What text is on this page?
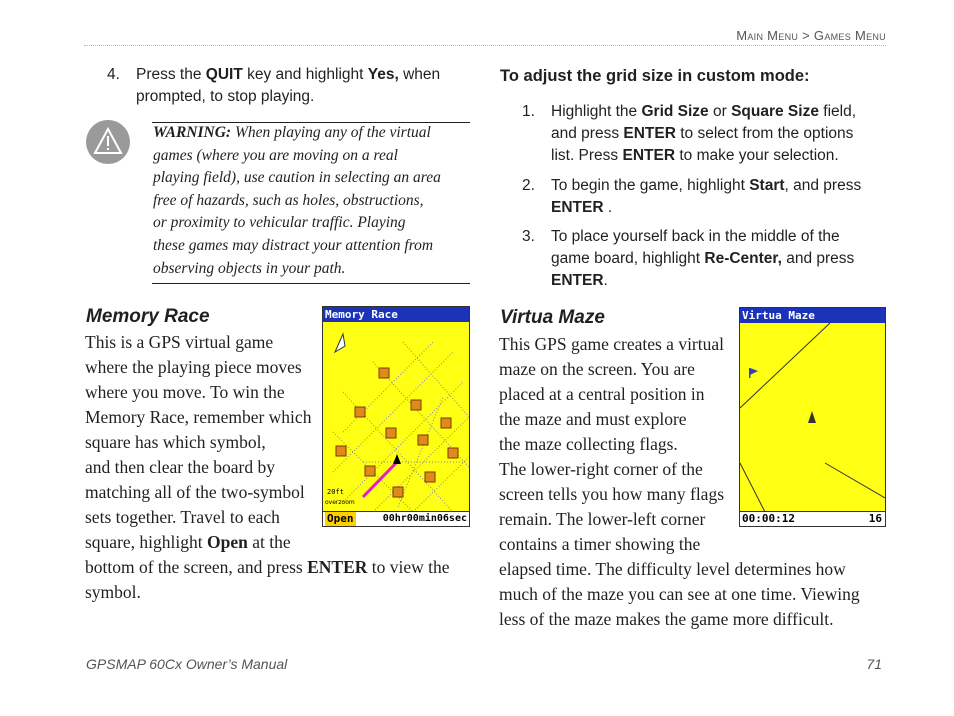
Main Menu > Games Menu
4. Press the QUIT key and highlight Yes, when
prompted, to stop playing.
WARNING: When playing any of the virtual
games (where you are moving on a real
playing field), use caution in selecting an area
free of hazards, such as holes, obstructions,
or proximity to vehicular traffic. Playing
these games may distract your attention from
observing objects in your path.
Memory Race
This is a GPS virtual game
where the playing piece moves
where you move. To win the
Memory Race, remember which
square has which symbol,
and then clear the board by
matching all of the two-symbol
sets together. Travel to each
square, highlight Open at the
bottom of the screen, and press ENTER to view the
symbol.
Memory Race
20ft
overzoom
Open	00hr00min06sec
To adjust the grid size in custom mode:
1. Highlight the Grid Size or Square Size field,
and press ENTER to select from the options
list. Press ENTER to make your selection.
2. To begin the game, highlight Start, and press
ENTER .
3. To place yourself back in the middle of the
game board, highlight Re-Center, and press
ENTER.
Virtua Maze
This GPS game creates a virtual
maze on the screen. You are
placed at a central position in
the maze and must explore
the maze collecting flags.
The lower-right corner of the
screen tells you how many flags
remain. The lower-left corner
contains a timer showing the
elapsed time. The difficulty level determines how
much of the maze you can see at one time. Viewing
less of the maze makes the game more difficult.
Virtua Maze
00:00:12	16
GPSMAP 60Cx Owner’s Manual	71
